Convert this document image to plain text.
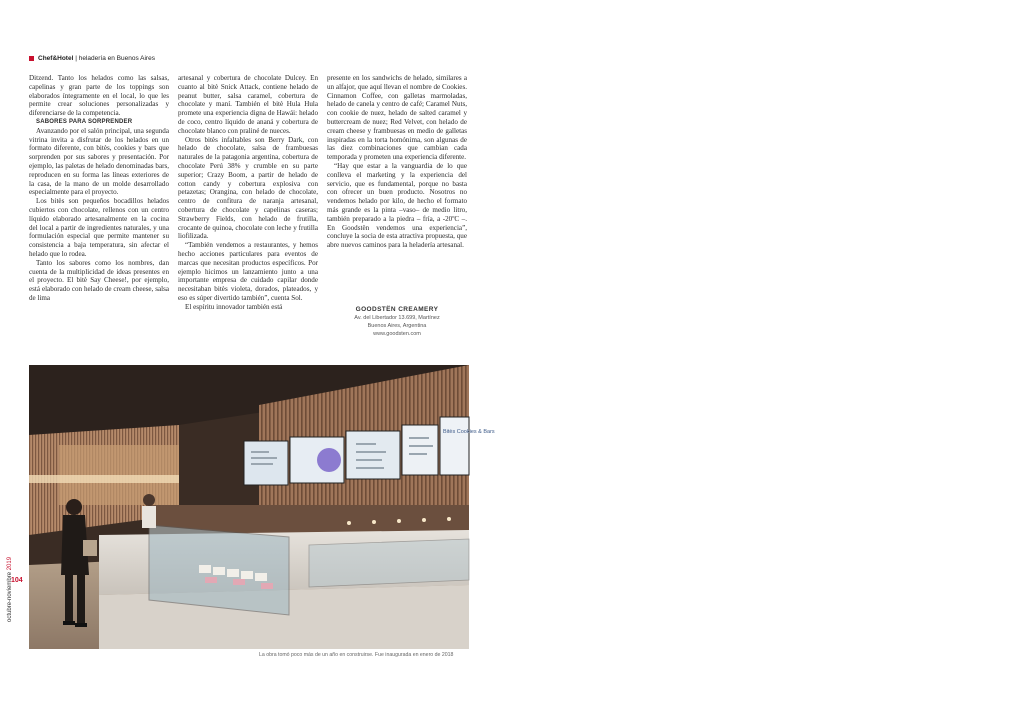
Chef&Hotel | heladería en Buenos Aires

Ditzend. Tanto los helados como las salsas, capelinas y gran parte de los toppings son elaborados íntegramente en el local, lo que les permite crear soluciones personalizadas y diferenciarse de la competencia.

SABORES PARA SORPRENDER

Avanzando por el salón principal, una segunda vitrina invita a disfrutar de los helados en un formato diferente, con bitès, cookies y bars que sorprenden por sus sabores y presentación. Por ejemplo, las paletas de helado denominadas bars, reproducen en su forma las líneas exteriores de la casa, de la mano de un molde desarrollado especialmente para el proyecto.

Los bitès son pequeños bocadillos helados cubiertos con chocolate, rellenos con un centro líquido elaborado artesanalmente en la cocina del local a partir de ingredientes naturales, y una formulación especial que permite mantener su consistencia a baja temperatura, sin afectar el helado que lo rodea.

Tanto los sabores como los nombres, dan cuenta de la multiplicidad de ideas presentes en el proyecto. El bitè Say Cheese!, por ejemplo, está elaborado con helado de cream cheese, salsa de lima

artesanal y cobertura de chocolate Dulcey. En cuanto al bitè Snick Attack, contiene helado de peanut butter, salsa caramel, cobertura de chocolate y maní. También el bitè Hula Hula promete una experiencia digna de Hawái: helado de coco, centro líquido de ananá y cobertura de chocolate blanco con praliné de nueces.

Otros bitès infaltables son Berry Dark, con helado de chocolate, salsa de frambuesas naturales de la patagonia argentina, cobertura de chocolate Perú 38% y crumble en su parte superior; Crazy Boom, a partir de helado de cotton candy y cobertura explosiva con petazetas; Orangina, con helado de chocolate, centro de confitura de naranja artesanal, cobertura de chocolate y capelinas caseras; Strawberry Fields, con helado de frutilla, crocante de quinoa, chocolate con leche y frutilla liofilizada.

“También vendemos a restaurantes, y hemos hecho acciones particulares para eventos de marcas que necesitan productos específicos. Por ejemplo hicimos un lanzamiento junto a una importante empresa de cuidado capilar donde necesitaban bitès violeta, dorados, plateados, y eso es súper divertido también”, cuenta Sol.

El espíritu innovador también está

presente en los sandwichs de helado, similares a un alfajor, que aquí llevan el nombre de Cookies. Cinnamon Coffee, con galletas marmoladas, helado de canela y centro de café; Caramel Nuts, con cookie de nuez, helado de salted caramel y buttercream de nuez; Red Velvet, con helado de cream cheese y frambuesas en medio de galletas inspiradas en la torta homónima, son algunas de las diez combinaciones que cambian cada temporada y prometen una experiencia diferente.

“Hay que estar a la vanguardia de lo que conlleva el marketing y la experiencia del servicio, que es fundamental, porque no basta con ofrecer un buen producto. Nosotros no vendemos helado por kilo, de hecho el formato más grande es la pinta –vaso– de medio litro, también preparado a la piedra – fría, a -20ºC –. En Goodstën vendemos una experiencia”, concluye la socia de esta atractiva propuesta, que abre nuevos caminos para la heladería artesanal.

GOODSTËN CREAMERY
Av. del Libertador 13.699, Martínez
Buenos Aires, Argentina
www.goodsten.com
Bitès Cookies & Bars
La obra tomó poco más de un año en construirse. Fue inaugurada en enero de 2018
104
octubre-noviembre 2019
